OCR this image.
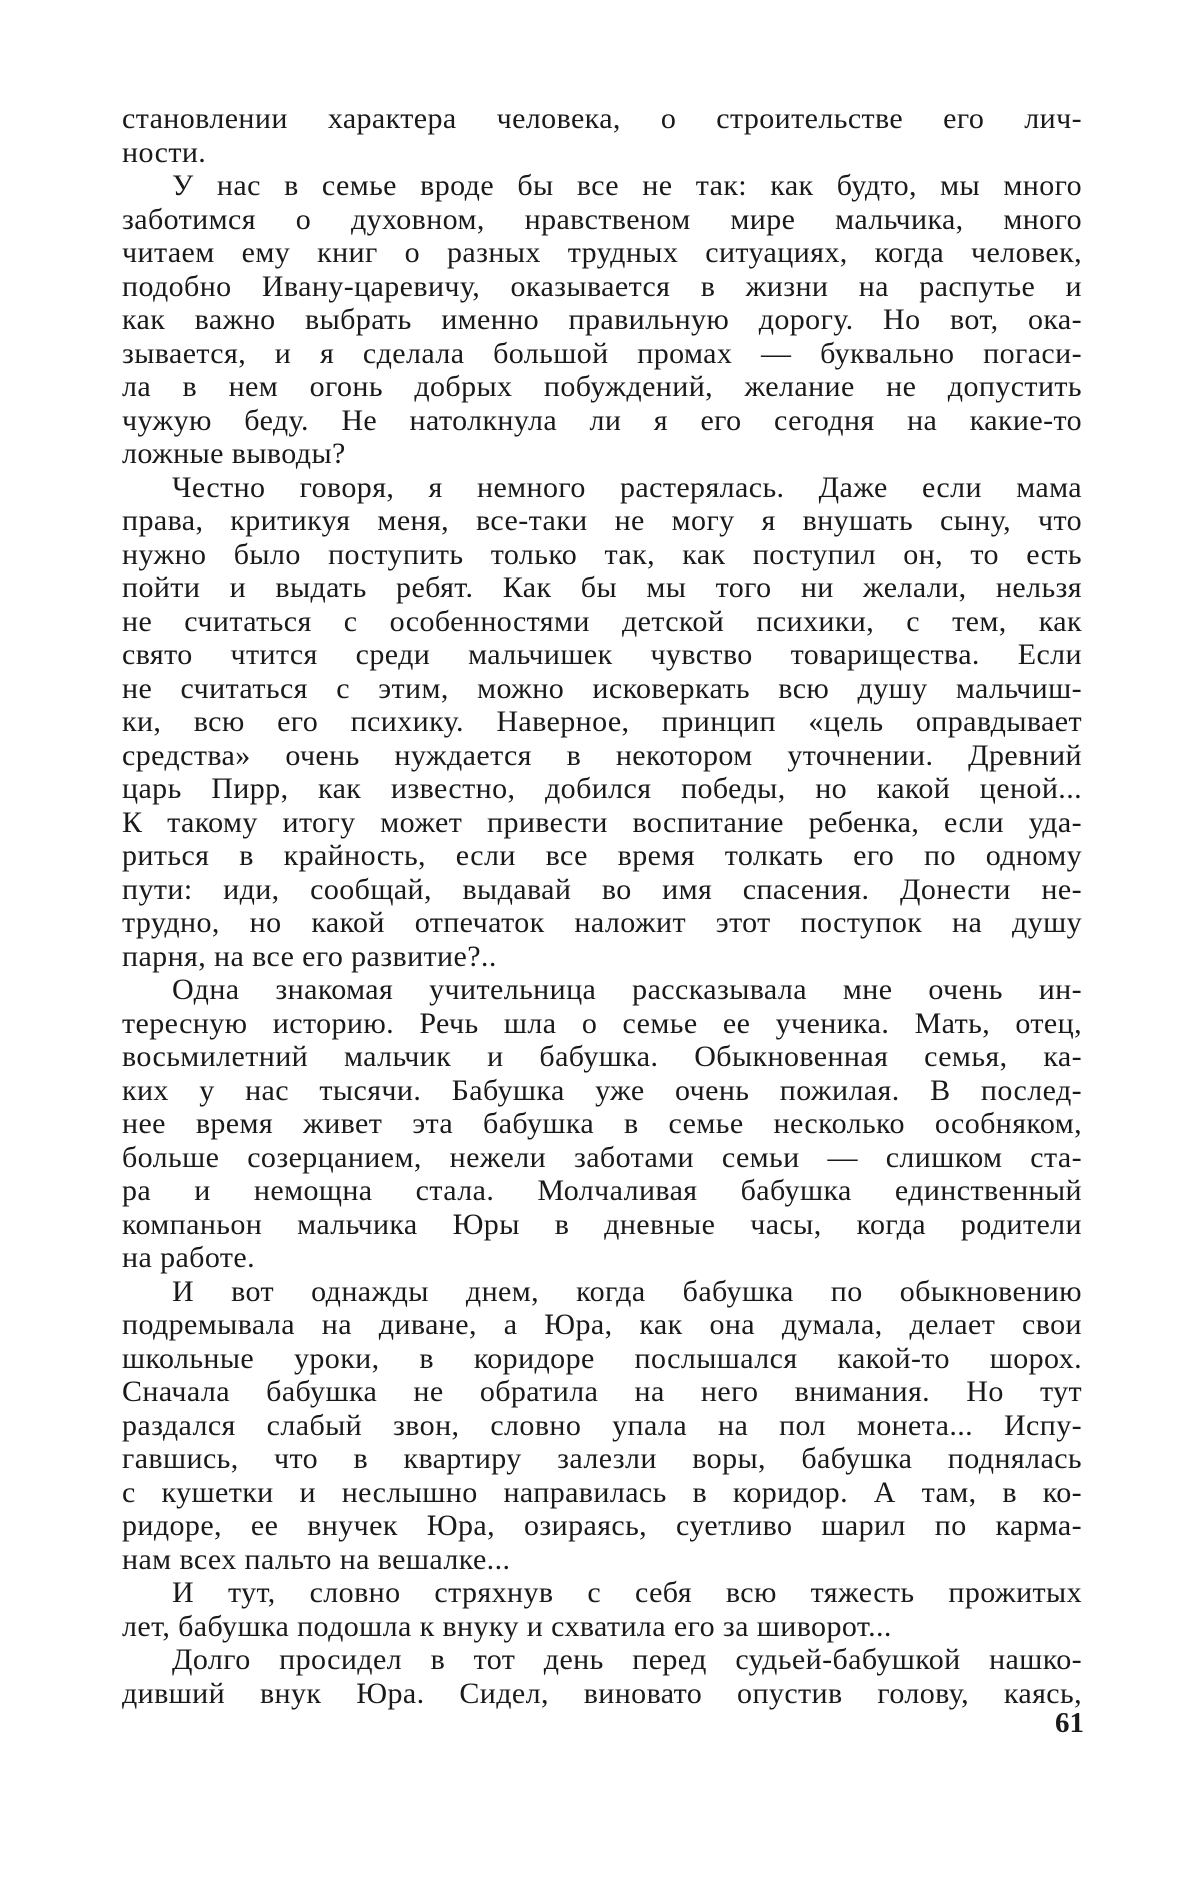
становлении характера человека, о строительстве его лич-
ности.
У нас в семье вроде бы все не так: как будто, мы много
заботимся о духовном, нравственом мире мальчика, много
читаем ему книг о разных трудных ситуациях, когда человек,
подобно Ивану-царевичу, оказывается в жизни на распутье и
как важно выбрать именно правильную дорогу. Но вот, ока-
зывается, и я сделала большой промах — буквально погаси-
ла в нем огонь добрых побуждений, желание не допустить
чужую беду. Не натолкнула ли я его сегодня на какие-то
ложные выводы?
Честно говоря, я немного растерялась. Даже если мама
права, критикуя меня, все-таки не могу я внушать сыну, что
нужно было поступить только так, как поступил он, то есть
пойти и выдать ребят. Как бы мы того ни желали, нельзя
не считаться с особенностями детской психики, с тем, как
свято чтится среди мальчишек чувство товарищества. Если
не считаться с этим, можно исковеркать всю душу мальчиш-
ки, всю его психику. Наверное, принцип «цель оправдывает
средства» очень нуждается в некотором уточнении. Древний
царь Пирр, как известно, добился победы, но какой ценой...
К такому итогу может привести воспитание ребенка, если уда-
риться в крайность, если все время толкать его по одному
пути: иди, сообщай, выдавай во имя спасения. Донести не-
трудно, но какой отпечаток наложит этот поступок на душу
парня, на все его развитие?..
Одна знакомая учительница рассказывала мне очень ин-
тересную историю. Речь шла о семье ее ученика. Мать, отец,
восьмилетний мальчик и бабушка. Обыкновенная семья, ка-
ких у нас тысячи. Бабушка уже очень пожилая. В послед-
нее время живет эта бабушка в семье несколько особняком,
больше созерцанием, нежели заботами семьи — слишком ста-
ра и немощна стала. Молчаливая бабушка единственный
компаньон мальчика Юры в дневные часы, когда родители
на работе.
И вот однажды днем, когда бабушка по обыкновению
подремывала на диване, а Юра, как она думала, делает свои
школьные уроки, в коридоре послышался какой-то шорох.
Сначала бабушка не обратила на него внимания. Но тут
раздался слабый звон, словно упала на пол монета... Испу-
гавшись, что в квартиру залезли воры, бабушка поднялась
с кушетки и неслышно направилась в коридор. А там, в ко-
ридоре, ее внучек Юра, озираясь, суетливо шарил по карма-
нам всех пальто на вешалке...
И тут, словно стряхнув с себя всю тяжесть прожитых
лет, бабушка подошла к внуку и схватила его за шиворот...
Долго просидел в тот день перед судьей-бабушкой нашко-
дивший внук Юра. Сидел, виновато опустив голову, каясь,
61
